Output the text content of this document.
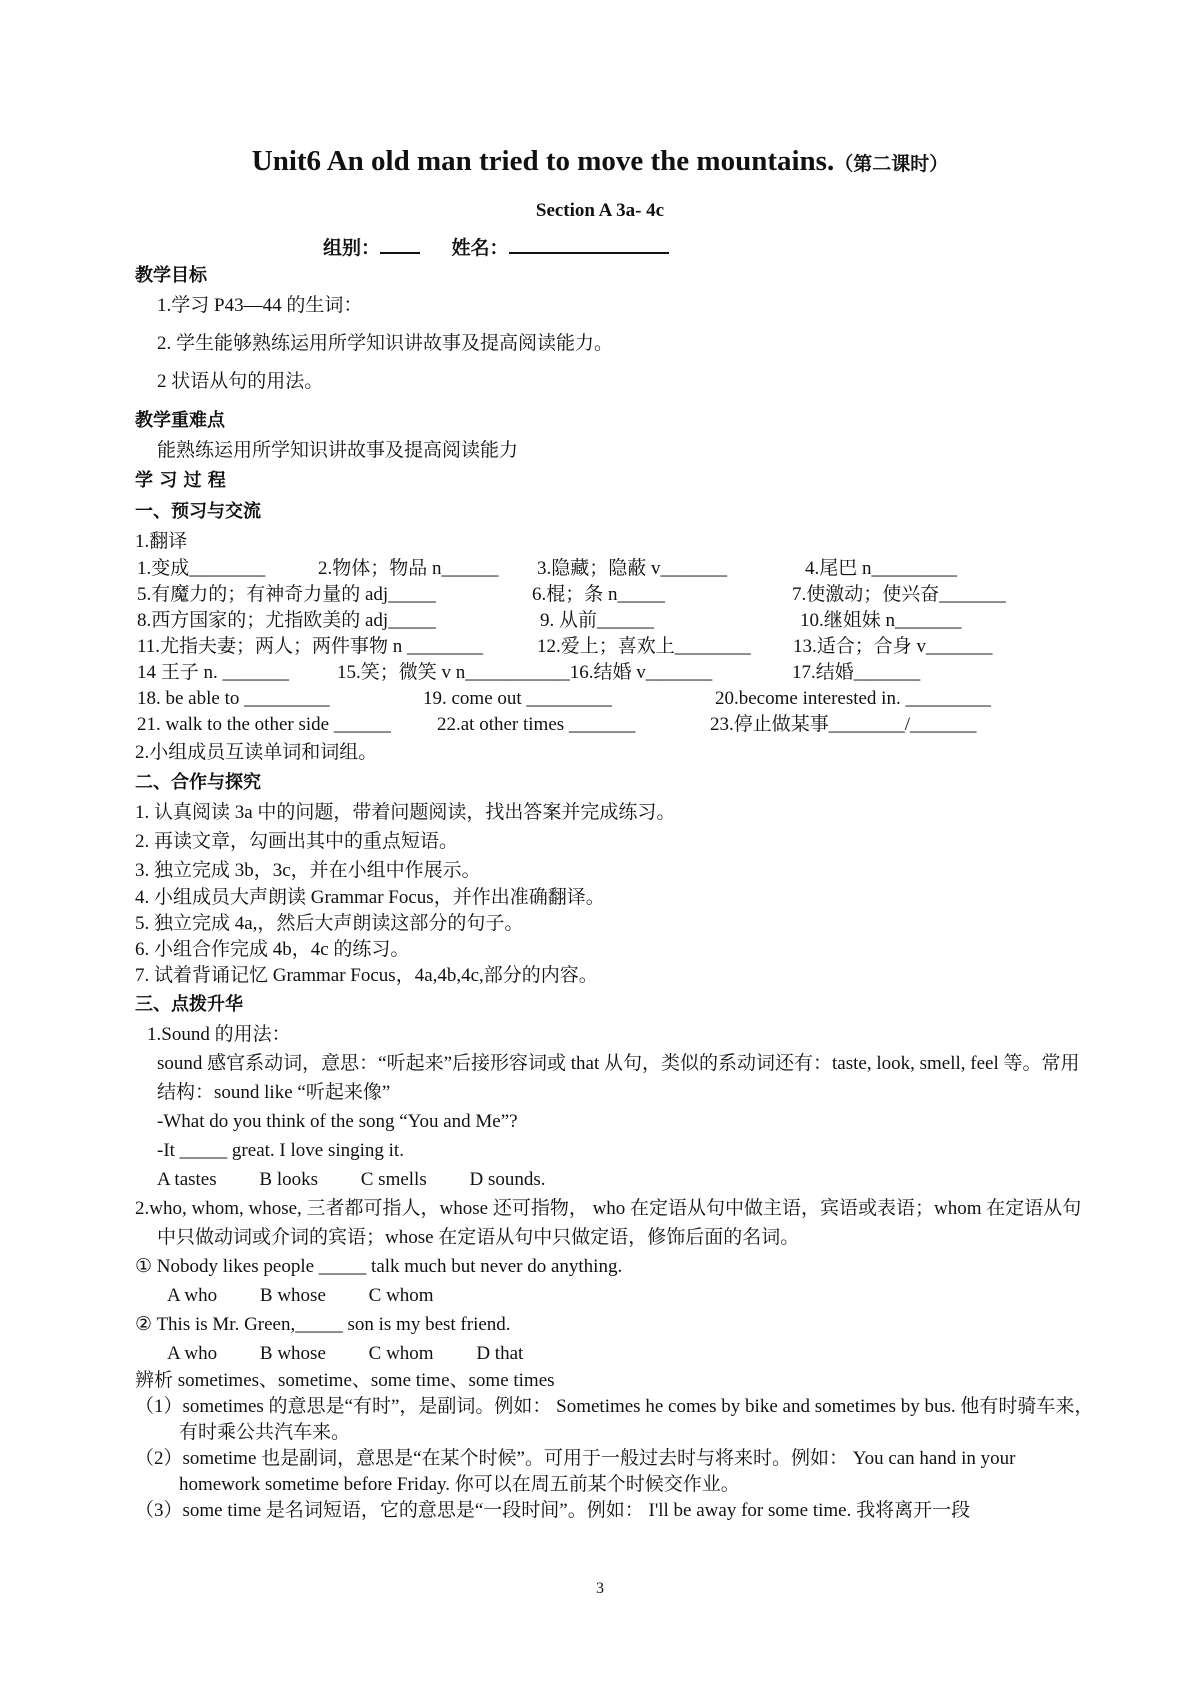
Unit6 An old man tried to move the mountains.（第二课时）
Section A 3a- 4c
组别：	姓名：
教学目标
1.学习 P43—44 的生词：
2. 学生能够熟练运用所学知识讲故事及提高阅读能力。
2 状语从句的用法。
教学重难点
能熟练运用所学知识讲故事及提高阅读能力
学 习 过 程
一、预习与交流
1.翻译
1.变成________	2.物体；物品 n______ 3.隐藏；隐蔽 v_______	4.尾巴 n_________
5.有魔力的；有神奇力量的 adj_____	6.棍；条 n_____	7.使激动；使兴奋_______
8.西方国家的；尤指欧美的 adj_____	9. 从前______	10.继姐妹 n_______
11.尤指夫妻；两人；两件事物 n ________	12.爱上；喜欢上________ 13.适合；合身 v_______
14 王子 n. _______	15.笑；微笑 v n___________16.结婚 v_______	17.结婚_______
18. be able to _________	19. come out _________	20.become interested in. _________
21. walk to the other side ______ 22.at other times _______	23.停止做某事________/_______
2.小组成员互读单词和词组。
二、合作与探究
1. 认真阅读 3a 中的问题，带着问题阅读，找出答案并完成练习。
2. 再读文章，勾画出其中的重点短语。
3. 独立完成 3b，3c，并在小组中作展示。
4. 小组成员大声朗读 Grammar Focus，并作出准确翻译。
5. 独立完成 4a,，然后大声朗读这部分的句子。
6. 小组合作完成 4b，4c 的练习。
7. 试着背诵记忆 Grammar Focus，4a,4b,4c,部分的内容。
三、点拨升华
1.Sound 的用法：
sound 感官系动词，意思：“听起来”后接形容词或 that 从句，类似的系动词还有：taste, look, smell, feel 等。常用结构：sound like “听起来像”
-What do you think of the song “You and Me”?
-It _____ great. I love singing it.
A tastes B looks C smells D sounds.
2.who, whom, whose, 三者都可指人，whose 还可指物， who 在定语从句中做主语，宾语或表语；whom 在定语从句中只做动词或介词的宾语；whose 在定语从句中只做定语，修饰后面的名词。
① Nobody likes people _____ talk much but never do anything.
A who B whose C whom
② This is Mr. Green,_____ son is my best friend.
A who B whose C whom D that
辨析 sometimes、sometime、some time、some times
（1）sometimes 的意思是“有时”，是副词。例如： Sometimes he comes by bike and sometimes by bus. 他有时骑车来，有时乘公共汽车来。
（2）sometime 也是副词，意思是“在某个时候”。可用于一般过去时与将来时。例如： You can hand in your homework sometime before Friday. 你可以在周五前某个时候交作业。
（3）some time 是名词短语，它的意思是“一段时间”。例如： I'll be away for some time. 我将离开一段
3
